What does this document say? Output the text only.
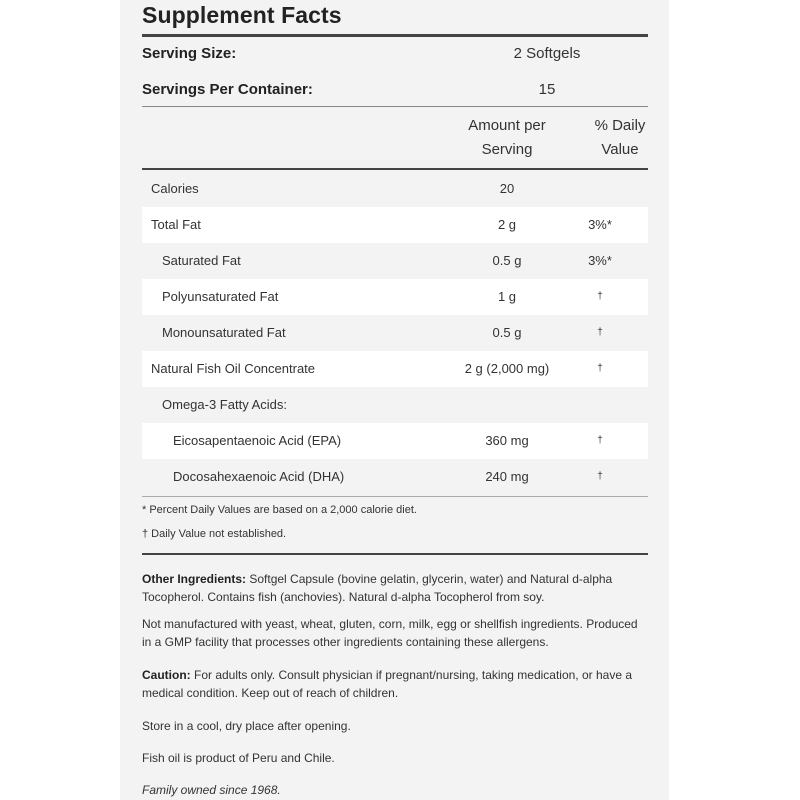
Supplement Facts
Serving Size:	2 Softgels
Servings Per Container:	15
Amount per
Serving
% Daily
Value
Calories	20
Total Fat	2 g	3%*
Saturated Fat	0.5 g	3%*
Polyunsaturated Fat	1 g	†
Monounsaturated Fat	0.5 g	†
Natural Fish Oil Concentrate	2 g (2,000 mg)	†
Omega-3 Fatty Acids:
Eicosapentaenoic Acid (EPA)	360 mg	†
Docosahexaenoic Acid (DHA)	240 mg	†
* Percent Daily Values are based on a 2,000 calorie diet.
† Daily Value not established.
Other Ingredients: Softgel Capsule (bovine gelatin, glycerin, water) and Natural d-alpha Tocopherol. Contains fish (anchovies). Natural d-alpha Tocopherol from soy.
Not manufactured with yeast, wheat, gluten, corn, milk, egg or shellfish ingredients. Produced in a GMP facility that processes other ingredients containing these allergens.
Caution: For adults only. Consult physician if pregnant/nursing, taking medication, or have a medical condition. Keep out of reach of children.
Store in a cool, dry place after opening.
Fish oil is product of Peru and Chile.
Family owned since 1968.
